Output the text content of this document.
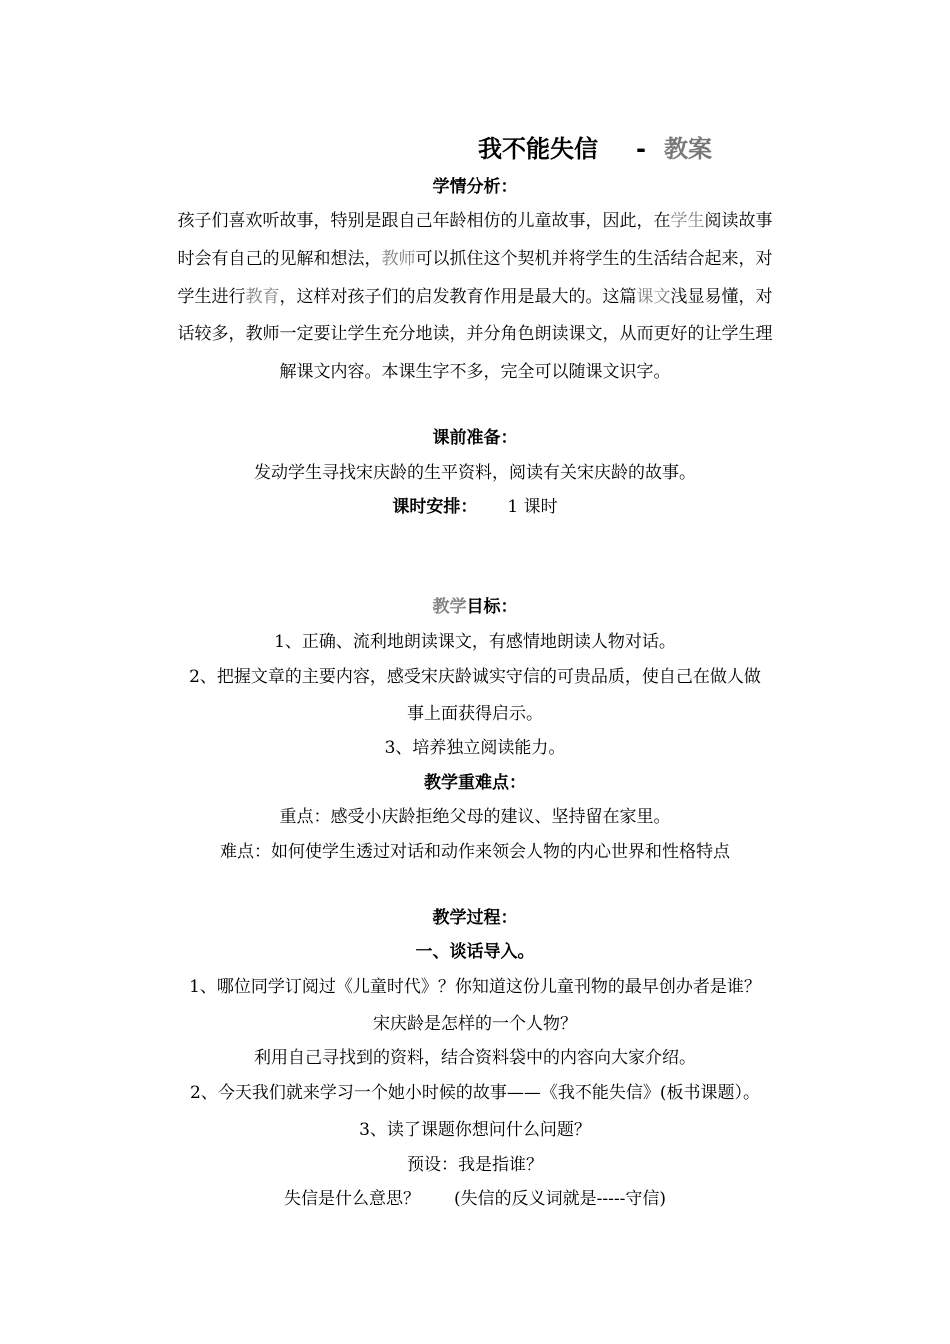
我不能失信 - 教案
学情分析：
孩子们喜欢听故事，特别是跟自己年龄相仿的儿童故事，因此，在学生阅读故事
时会有自己的见解和想法，教师可以抓住这个契机并将学生的生活结合起来，对
学生进行教育，这样对孩子们的启发教育作用是最大的。这篇课文浅显易懂，对
话较多，教师一定要让学生充分地读，并分角色朗读课文，从而更好的让学生理
解课文内容。本课生字不多，完全可以随课文识字。
课前准备：
发动学生寻找宋庆龄的生平资料，阅读有关宋庆龄的故事。
课时安排： 1 课时
教学目标：
1、正确、流利地朗读课文，有感情地朗读人物对话。
2、把握文章的主要内容，感受宋庆龄诚实守信的可贵品质，使自己在做人做
事上面获得启示。
3、培养独立阅读能力。
教学重难点：
重点：感受小庆龄拒绝父母的建议、坚持留在家里。
难点：如何使学生透过对话和动作来领会人物的内心世界和性格特点
教学过程：
一、谈话导入。
1、哪位同学订阅过《儿童时代》？你知道这份儿童刊物的最早创办者是谁？
宋庆龄是怎样的一个人物？
利用自己寻找到的资料，结合资料袋中的内容向大家介绍。
2、今天我们就来学习一个她小时候的故事——《我不能失信》(板书课题）。
3、读了课题你想问什么问题？
预设：我是指谁？
失信是什么意思？　　(失信的反义词就是-----守信)
